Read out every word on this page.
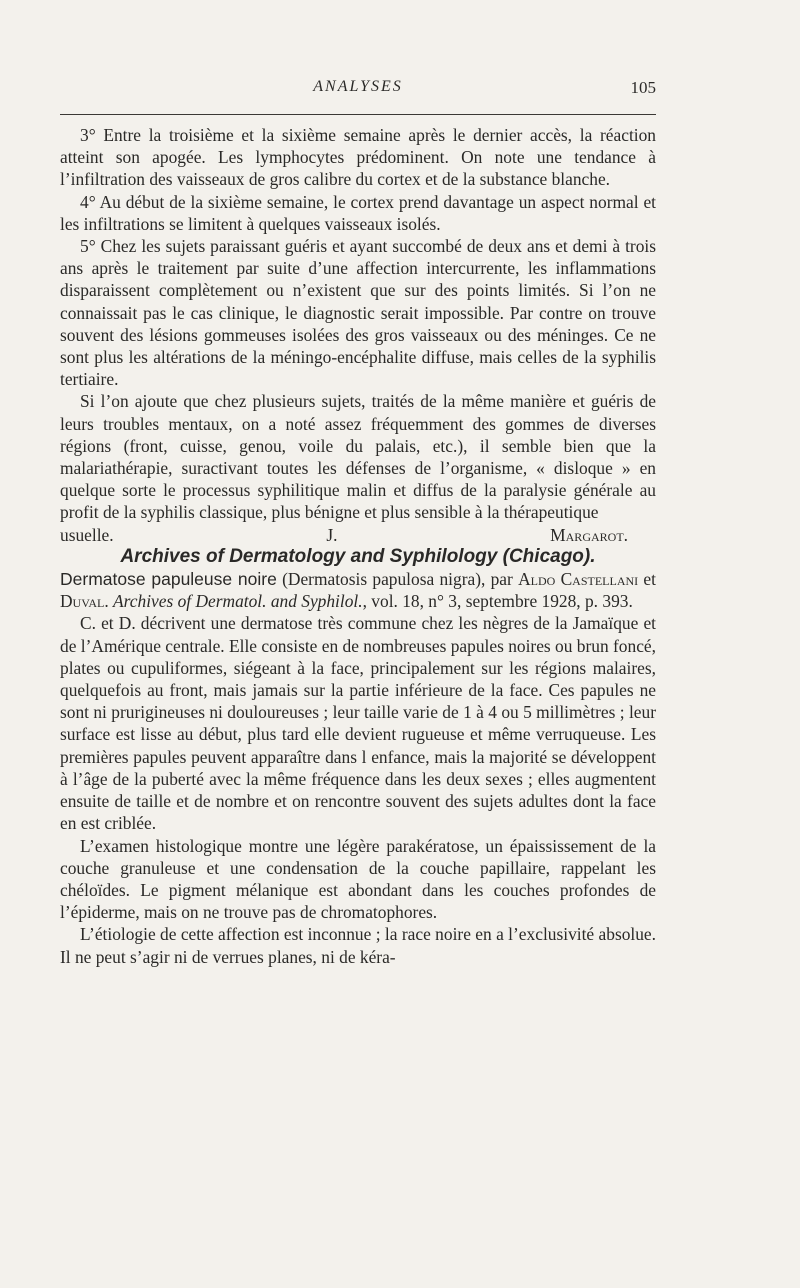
ANALYSES	105

3° Entre la troisième et la sixième semaine après le dernier accès, la réaction atteint son apogée. Les lymphocytes prédominent. On note une tendance à l’infiltration des vaisseaux de gros calibre du cortex et de la substance blanche.

4° Au début de la sixième semaine, le cortex prend davantage un aspect normal et les infiltrations se limitent à quelques vaisseaux isolés.

5° Chez les sujets paraissant guéris et ayant succombé de deux ans et demi à trois ans après le traitement par suite d’une affection intercurrente, les inflammations disparaissent complètement ou n’existent que sur des points limités. Si l’on ne connaissait pas le cas clinique, le diagnostic serait impossible. Par contre on trouve souvent des lésions gommeuses isolées des gros vaisseaux ou des méninges. Ce ne sont plus les altérations de la méningo-encéphalite diffuse, mais celles de la syphilis tertiaire.

Si l’on ajoute que chez plusieurs sujets, traités de la même manière et guéris de leurs troubles mentaux, on a noté assez fréquemment des gommes de diverses régions (front, cuisse, genou, voile du palais, etc.), il semble bien que la malariathérapie, suractivant toutes les défenses de l’organisme, « disloque » en quelque sorte le processus syphilitique malin et diffus de la paralysie générale au profit de la syphilis classique, plus bénigne et plus sensible à la thérapeutique

usuelle.	J. Margarot.

Archives of Dermatology and Syphilology (Chicago).

Dermatose papuleuse noire (Dermatosis papulosa nigra), par Aldo Castellani et Duval. Archives of Dermatol. and Syphilol., vol. 18, n° 3, septembre 1928, p. 393.

C. et D. décrivent une dermatose très commune chez les nègres de la Jamaïque et de l’Amérique centrale. Elle consiste en de nombreuses papules noires ou brun foncé, plates ou cupuliformes, siégeant à la face, principalement sur les régions malaires, quelquefois au front, mais jamais sur la partie inférieure de la face. Ces papules ne sont ni prurigineuses ni douloureuses ; leur taille varie de 1 à 4 ou 5 millimètres ; leur surface est lisse au début, plus tard elle devient rugueuse et même verruqueuse. Les premières papules peuvent apparaître dans l enfance, mais la majorité se développent à l’âge de la puberté avec la même fréquence dans les deux sexes ; elles augmentent ensuite de taille et de nombre et on rencontre souvent des sujets adultes dont la face en est criblée.

L’examen histologique montre une légère parakératose, un épaississement de la couche granuleuse et une condensation de la couche papillaire, rappelant les chéloïdes. Le pigment mélanique est abondant dans les couches profondes de l’épiderme, mais on ne trouve pas de chromatophores.

L’étiologie de cette affection est inconnue ; la race noire en a l’exclusivité absolue. Il ne peut s’agir ni de verrues planes, ni de kéra-
